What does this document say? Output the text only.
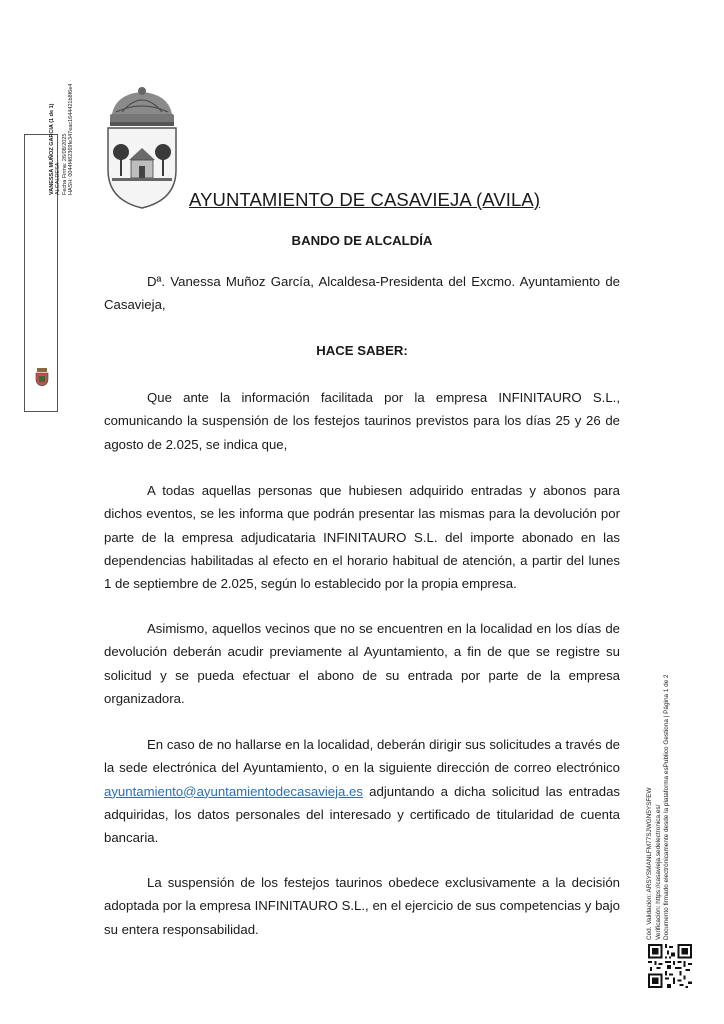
AYUNTAMIENTO DE CASAVIEJA (AVILA)
BANDO DE ALCALDÍA

Dª. Vanessa Muñoz García, Alcaldesa-Presidenta del Excmo. Ayuntamiento de Casavieja,

HACE SABER:

Que ante la información facilitada por la empresa INFINITAURO S.L., comunicando la suspensión de los festejos taurinos previstos para los días 25 y 26 de agosto de 2.025, se indica que,

A todas aquellas personas que hubiesen adquirido entradas y abonos para dichos eventos, se les informa que podrán presentar las mismas para la devolución por parte de la empresa adjudicataria INFINITAURO S.L. del importe abonado en las dependencias habilitadas al efecto en el horario habitual de atención, a partir del lunes 1 de septiembre de 2.025, según lo establecido por la propia empresa.

Asimismo, aquellos vecinos que no se encuentren en la localidad en los días de devolución deberán acudir previamente al Ayuntamiento, a fin de que se registre su solicitud y se pueda efectuar el abono de su entrada por parte de la empresa organizadora.

En caso de no hallarse en la localidad, deberán dirigir sus solicitudes a través de la sede electrónica del Ayuntamiento, o en la siguiente dirección de correo electrónico ayuntamiento@ayuntamientodecasavieja.es adjuntando a dicha solicitud las entradas adquiridas, los datos personales del interesado y certificado de titularidad de cuenta bancaria.

La suspensión de los festejos taurinos obedece exclusivamente a la decisión adoptada por la empresa INFINITAURO S.L., en el ejercicio de sus competencias y bajo su entera responsabilidad.

VANESSA MUÑOZ GARCIA (1 de 1) ALCALDESA Fecha Firma: 26/08/2025 HASH: 0044f482369fe347eac1644421b8f6e4
Cód. Validación: ARSYSMANLFM77SJWGN5YSFEW Verificación: https://casavieja.sedelectronica.es/ Documento firmado electrónicamente desde la plataforma esPublico Gestiona | Página 1 de 2
